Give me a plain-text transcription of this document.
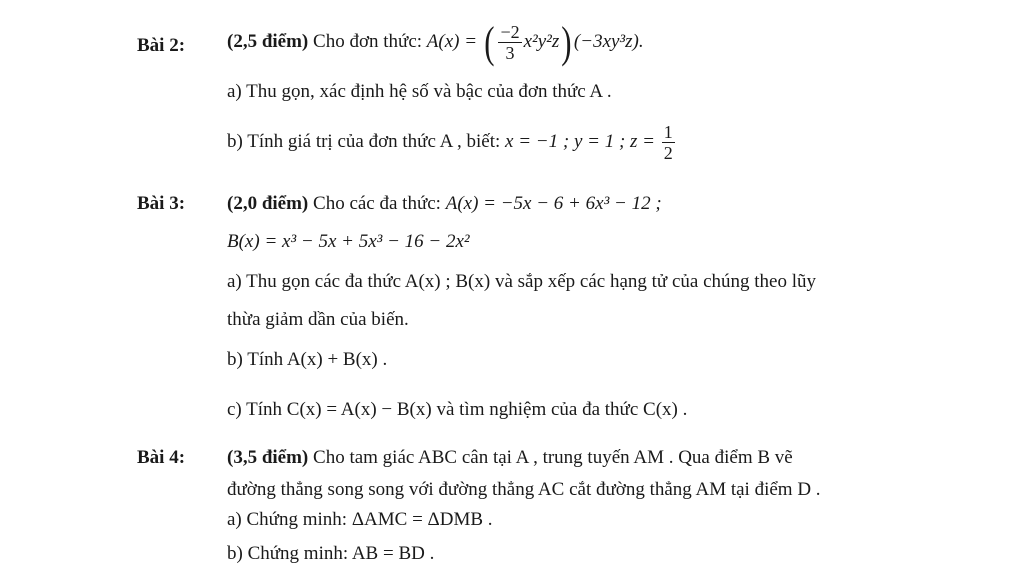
Bài 2: (2,5 điểm) Cho đơn thức: A(x) = ( $\frac{-2}{3} x^2y^2z$) (−3xy³z).
a) Thu gọn, xác định hệ số và bậc của đơn thức A .
b) Tính giá trị của đơn thức A , biết: x = −1 ; y = 1 ; $z = \frac{1}{2}$
Bài 3: (2,0 điểm) Cho các đa thức: A(x) = −5x − 6 + 6x³ − 12 ;
B(x) = x³ − 5x + 5x³ − 16 − 2x²
a) Thu gọn các đa thức A(x) ; B(x) và sắp xếp các hạng tử của chúng theo lũy
thừa giảm dần của biến.
b) Tính A(x) + B(x) .
c) Tính C(x) = A(x) − B(x) và tìm nghiệm của đa thức C(x) .
Bài 4: (3,5 điểm) Cho tam giác ABC cân tại A , trung tuyến AM . Qua điểm B vẽ
đường thẳng song song với đường thẳng AC cắt đường thẳng AM tại điểm D .
a) Chứng minh: ΔAMC = ΔDMB .
b) Chứng minh: AB = BD .
